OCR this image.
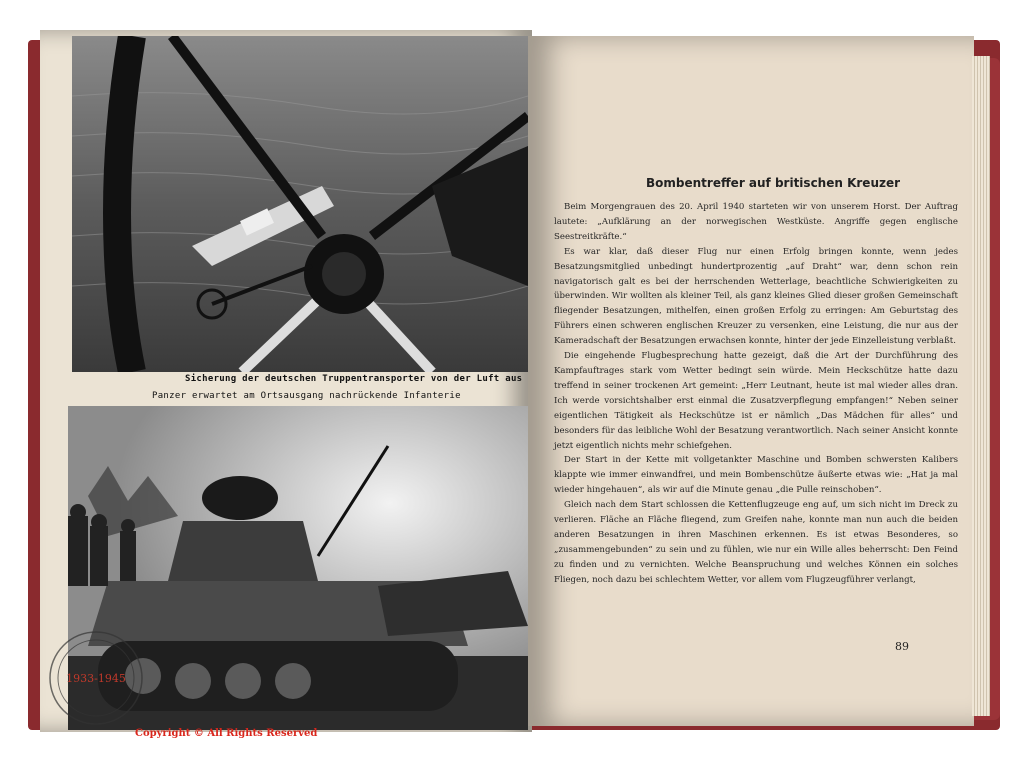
Sicherung der deutschen Truppentransporter von der Luft aus
Panzer erwartet am Ortsausgang nachrückende Infanterie
Bombentreffer auf britischen Kreuzer

Beim Morgengrauen des 20. April 1940 starteten wir von unserem Horst. Der Auftrag lautete: „Aufklärung an der norwegischen Westküste. Angriffe gegen englische Seestreitkräfte.“

Es war klar, daß dieser Flug nur einen Erfolg bringen konnte, wenn jedes Besatzungsmitglied unbedingt hundertprozentig „auf Draht“ war, denn schon rein navigatorisch galt es bei der herrschenden Wetterlage, beachtliche Schwierigkeiten zu überwinden. Wir wollten als kleiner Teil, als ganz kleines Glied dieser großen Gemeinschaft fliegender Besatzungen, mithelfen, einen großen Erfolg zu erringen: Am Geburtstag des Führers einen schweren englischen Kreuzer zu versenken, eine Leistung, die nur aus der Kameradschaft der Besatzungen erwachsen konnte, hinter der jede Einzelleistung verblaßt.

Die eingehende Flugbesprechung hatte gezeigt, daß die Art der Durchführung des Kampfauftrages stark vom Wetter bedingt sein würde. Mein Heckschütze hatte dazu treffend in seiner trockenen Art gemeint: „Herr Leutnant, heute ist mal wieder alles dran. Ich werde vorsichtshalber erst einmal die Zusatzverpflegung empfangen!“ Neben seiner eigentlichen Tätigkeit als Heckschütze ist er nämlich „Das Mädchen für alles“ und besonders für das leibliche Wohl der Besatzung verantwortlich. Nach seiner Ansicht konnte jetzt eigentlich nichts mehr schiefgehen.

Der Start in der Kette mit vollgetankter Maschine und Bomben schwersten Kalibers klappte wie immer einwandfrei, und mein Bombenschütze äußerte etwas wie: „Hat ja mal wieder hingehauen“, als wir auf die Minute genau „die Pulle reinschoben“.

Gleich nach dem Start schlossen die Kettenflugzeuge eng auf, um sich nicht im Dreck zu verlieren. Fläche an Fläche fliegend, zum Greifen nahe, konnte man nun auch die beiden anderen Besatzungen in ihren Maschinen erkennen. Es ist etwas Besonderes, so „zusammengebunden“ zu sein und zu fühlen, wie nur ein Wille alles beherrscht: Den Feind zu finden und zu vernichten. Welche Beanspruchung und welches Können ein solches Fliegen, noch dazu bei schlechtem Wetter, vor allem vom Flugzeugführer verlangt,

89
1933-1945
Copyright © All Rights Reserved
